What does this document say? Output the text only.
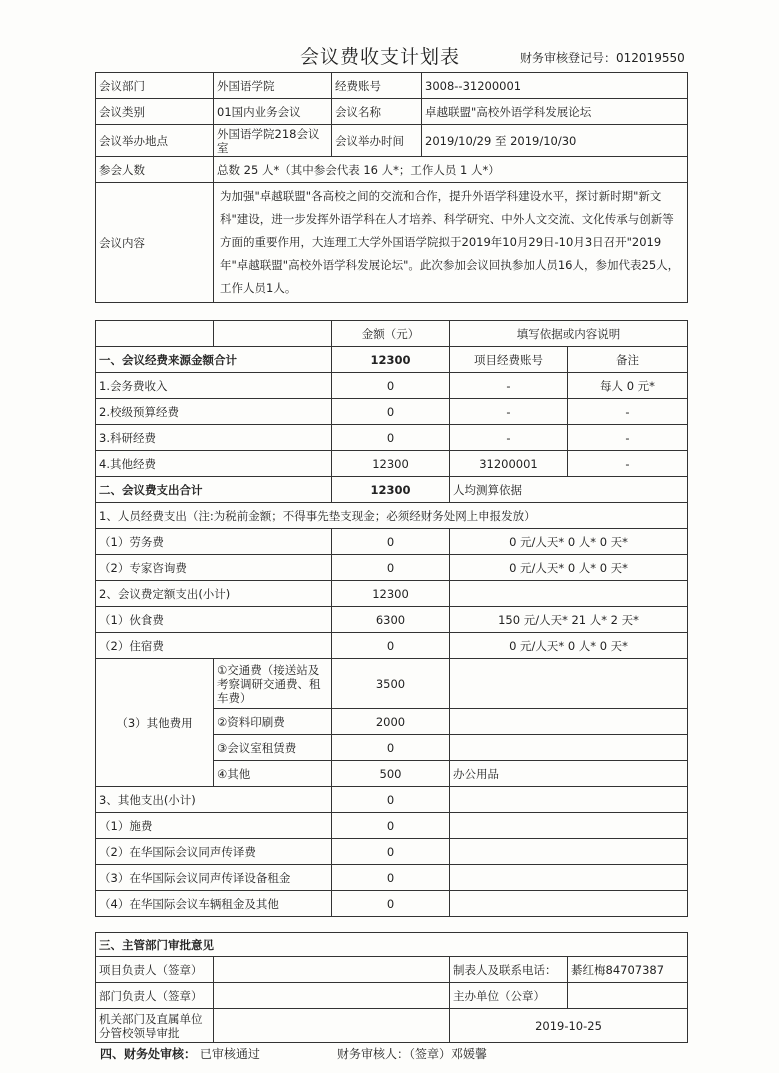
会议费收支计划表	财务审核登记号：012019550
会议部门	外国语学院	经费账号	3008--31200001
会议类别	01国内业务会议	会议名称	卓越联盟"高校外语学科发展论坛
会议举办地点	外国语学院218会议室	会议举办时间	2019/10/29 至 2019/10/30
参会人数	总数 25 人*（其中参会代表 16 人*；工作人员 1 人*）		
会议内容	为加强"卓越联盟"各高校之间的交流和合作，提升外语学科建设水平，探讨新时期"新文科"建设，进一步发挥外语学科在人才培养、科学研究、中外人文交流、文化传承与创新等方面的重要作用，大连理工大学外国语学院拟于2019年10月29日-10月3日召开"2019年"卓越联盟"高校外语学科发展论坛"。此次参加会议回执参加人员16人，参加代表25人，工作人员1人。		
		金额（元）	填写依据或内容说明	
一、会议经费来源金额合计		12300	项目经费账号	备注
1.会务费收入		0	-	每人 0 元*
2.校级预算经费		0	-	-
3.科研经费		0	-	-
4.其他经费		12300	31200001	-
二、会议费支出合计		12300	人均测算依据	
1、人员经费支出（注:为税前金额；不得事先垫支现金；必须经财务处网上申报发放）				
（1）劳务费		0	0 元/人天* 0 人* 0 天*	
（2）专家咨询费		0	0 元/人天* 0 人* 0 天*	
2、会议费定额支出(小计)		12300		
（1）伙食费		6300	150 元/人天* 21 人* 2 天*	
（2）住宿费		0	0 元/人天* 0 人* 0 天*	
（3）其他费用	①交通费（接送站及考察调研交通费、租车费）	3500		
	②资料印刷费	2000		
	③会议室租赁费	0		
	④其他	500	办公用品	
3、其他支出(小计)		0		
（1）施费		0		
（2）在华国际会议同声传译费		0		
（3）在华国际会议同声传译设备租金		0		
（4）在华国际会议车辆租金及其他		0		
三、主管部门审批意见			
项目负责人（签章）		制表人及联系电话：	綦红梅84707387
部门负责人（签章）		主办单位（公章）	
机关部门及直属单位分管校领导审批		2019-10-25	
四、财务处审核： 已审核通过	财务审核人：（签章）邓媛馨
